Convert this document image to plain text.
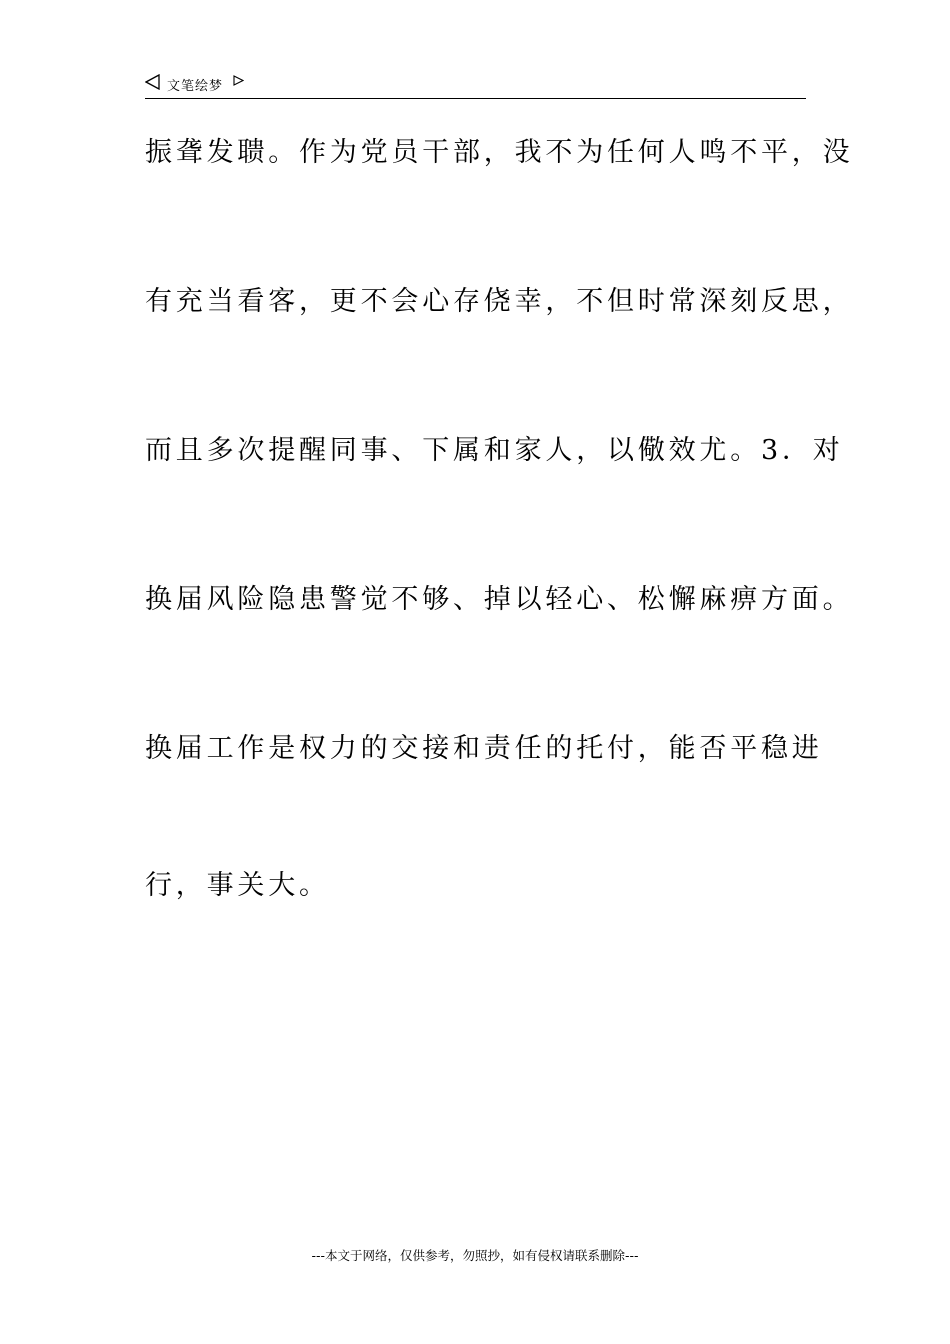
文笔绘梦
振聋发聩。作为党员干部，我不为任何人鸣不平，没
有充当看客，更不会心存侥幸，不但时常深刻反思，
而且多次提醒同事、下属和家人，以儆效尤。3．对
换届风险隐患警觉不够、掉以轻心、松懈麻痹方面。
换届工作是权力的交接和责任的托付，能否平稳进
行，事关大。
---本文于网络，仅供参考，勿照抄，如有侵权请联系删除---
